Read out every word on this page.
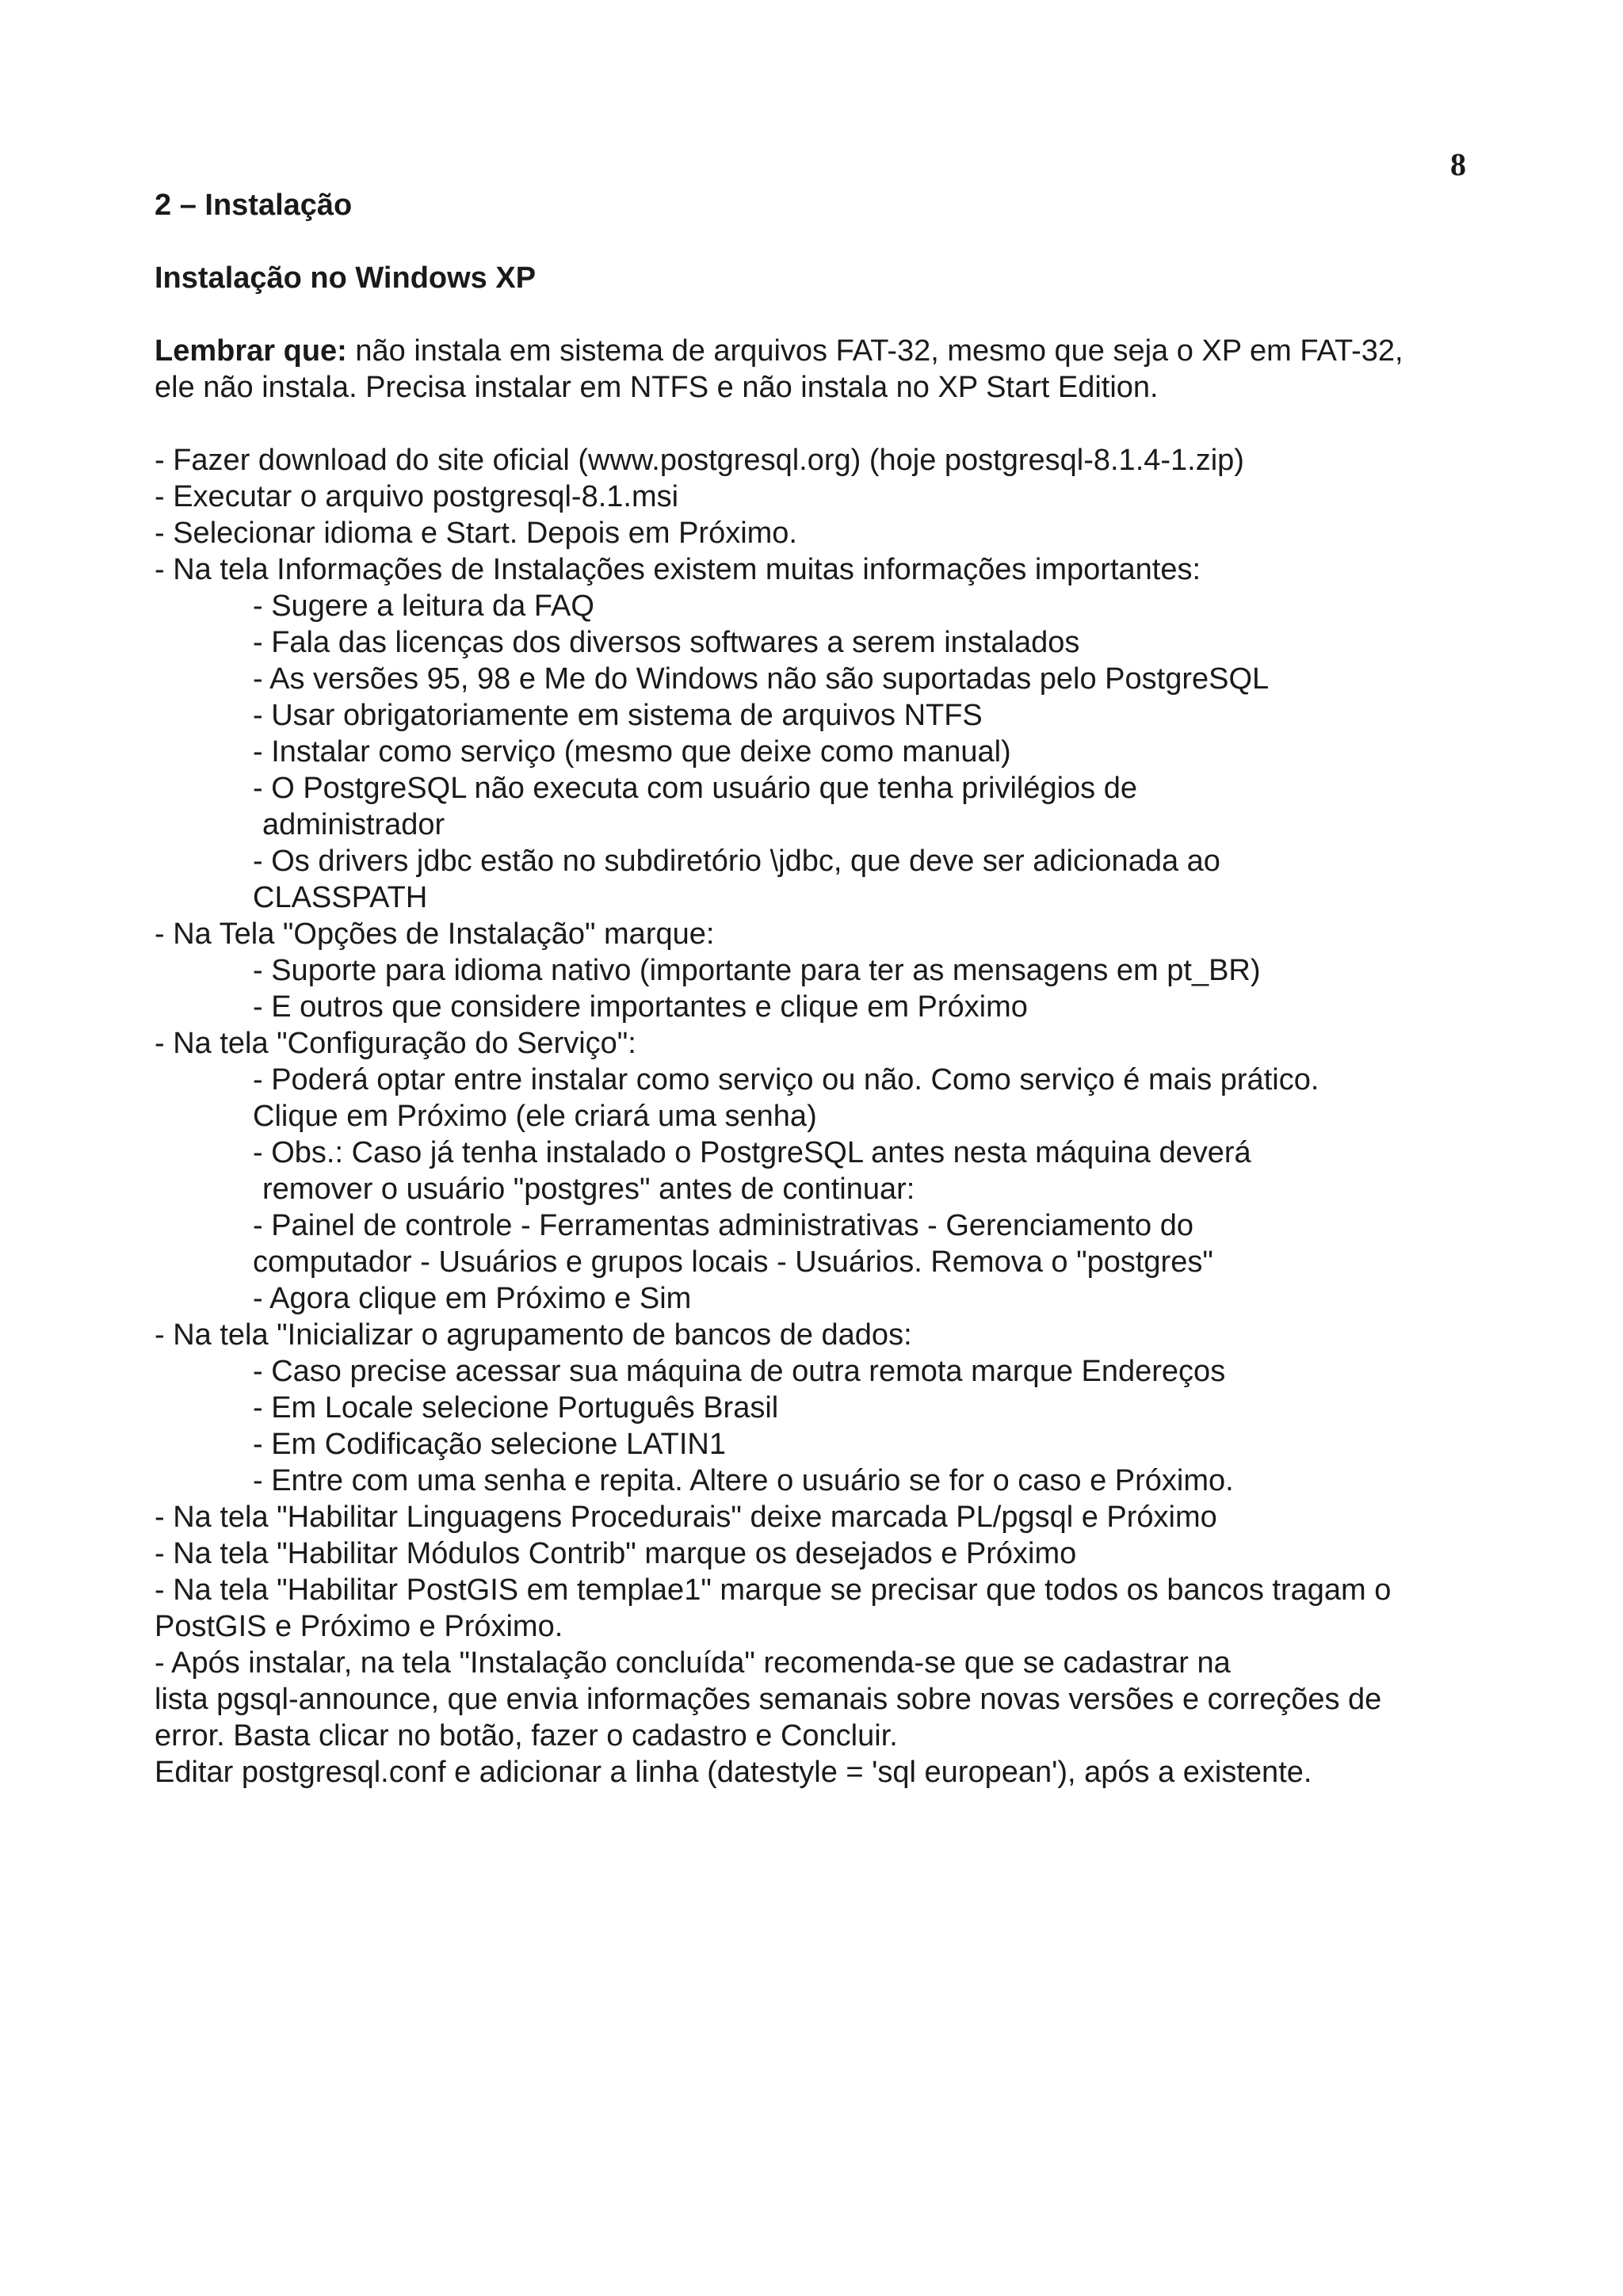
8

2 – Instalação

Instalação no Windows XP

Lembrar que: não instala em sistema de arquivos FAT-32, mesmo que seja o XP em FAT-32,
ele não instala. Precisa instalar em NTFS e não instala no XP Start Edition.
- Fazer download do site oficial (www.postgresql.org) (hoje postgresql-8.1.4-1.zip)
- Executar o arquivo postgresql-8.1.msi
- Selecionar idioma e Start. Depois em Próximo.
- Na tela Informações de Instalações existem muitas informações importantes:
- Sugere a leitura da FAQ
- Fala das licenças dos diversos softwares a serem instalados
- As versões 95, 98 e Me do Windows não são suportadas pelo PostgreSQL
- Usar obrigatoriamente em sistema de arquivos NTFS
- Instalar como serviço (mesmo que deixe como manual)
- O PostgreSQL não executa com usuário que tenha privilégios de
administrador
- Os drivers jdbc estão no subdiretório \jdbc, que deve ser adicionada ao
CLASSPATH
- Na Tela "Opções de Instalação" marque:
- Suporte para idioma nativo (importante para ter as mensagens em pt_BR)
- E outros que considere importantes e clique em Próximo
- Na tela "Configuração do Serviço":
- Poderá optar entre instalar como serviço ou não. Como serviço é mais prático.
Clique em Próximo (ele criará uma senha)
- Obs.: Caso já tenha instalado o PostgreSQL antes nesta máquina deverá
remover o usuário "postgres" antes de continuar:
- Painel de controle - Ferramentas administrativas - Gerenciamento do
computador - Usuários e grupos locais - Usuários. Remova o "postgres"
- Agora clique em Próximo e Sim
- Na tela "Inicializar o agrupamento de bancos de dados:
- Caso precise acessar sua máquina de outra remota marque Endereços
- Em Locale selecione Português Brasil
- Em Codificação selecione LATIN1
- Entre com uma senha e repita. Altere o usuário se for o caso e Próximo.
- Na tela "Habilitar Linguagens Procedurais" deixe marcada PL/pgsql e Próximo
- Na tela "Habilitar Módulos Contrib" marque os desejados e Próximo
- Na tela "Habilitar PostGIS em templae1" marque se precisar que todos os bancos tragam o
PostGIS e Próximo e Próximo.
- Após instalar, na tela "Instalação concluída" recomenda-se que se cadastrar na
lista pgsql-announce, que envia informações semanais sobre novas versões e correções de
error. Basta clicar no botão, fazer o cadastro e Concluir.
Editar postgresql.conf e adicionar a linha (datestyle = 'sql european'), após a existente.
